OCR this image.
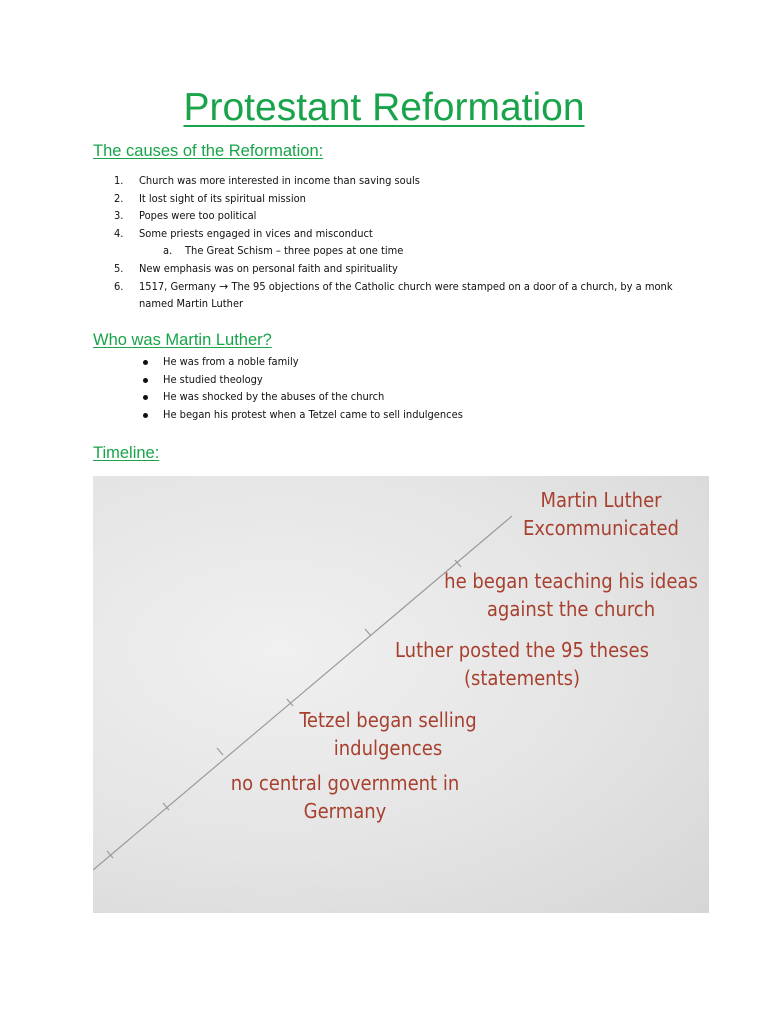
Protestant Reformation
The causes of the Reformation:
1. Church was more interested in income than saving souls
2. It lost sight of its spiritual mission
3. Popes were too political
4. Some priests engaged in vices and misconduct
a. The Great Schism – three popes at one time
5. New emphasis was on personal faith and spirituality
6. 1517, Germany → The 95 objections of the Catholic church were stamped on a door of a church, by a monk named Martin Luther
Who was Martin Luther?
He was from a noble family
He studied theology
He was shocked by the abuses of the church
He began his protest when a Tetzel came to sell indulgences
Timeline:
no central government in Germany
Tetzel began selling indulgences
Luther posted the 95 theses (statements)
he began teaching his ideas against the church
Martin Luther Excommunicated
